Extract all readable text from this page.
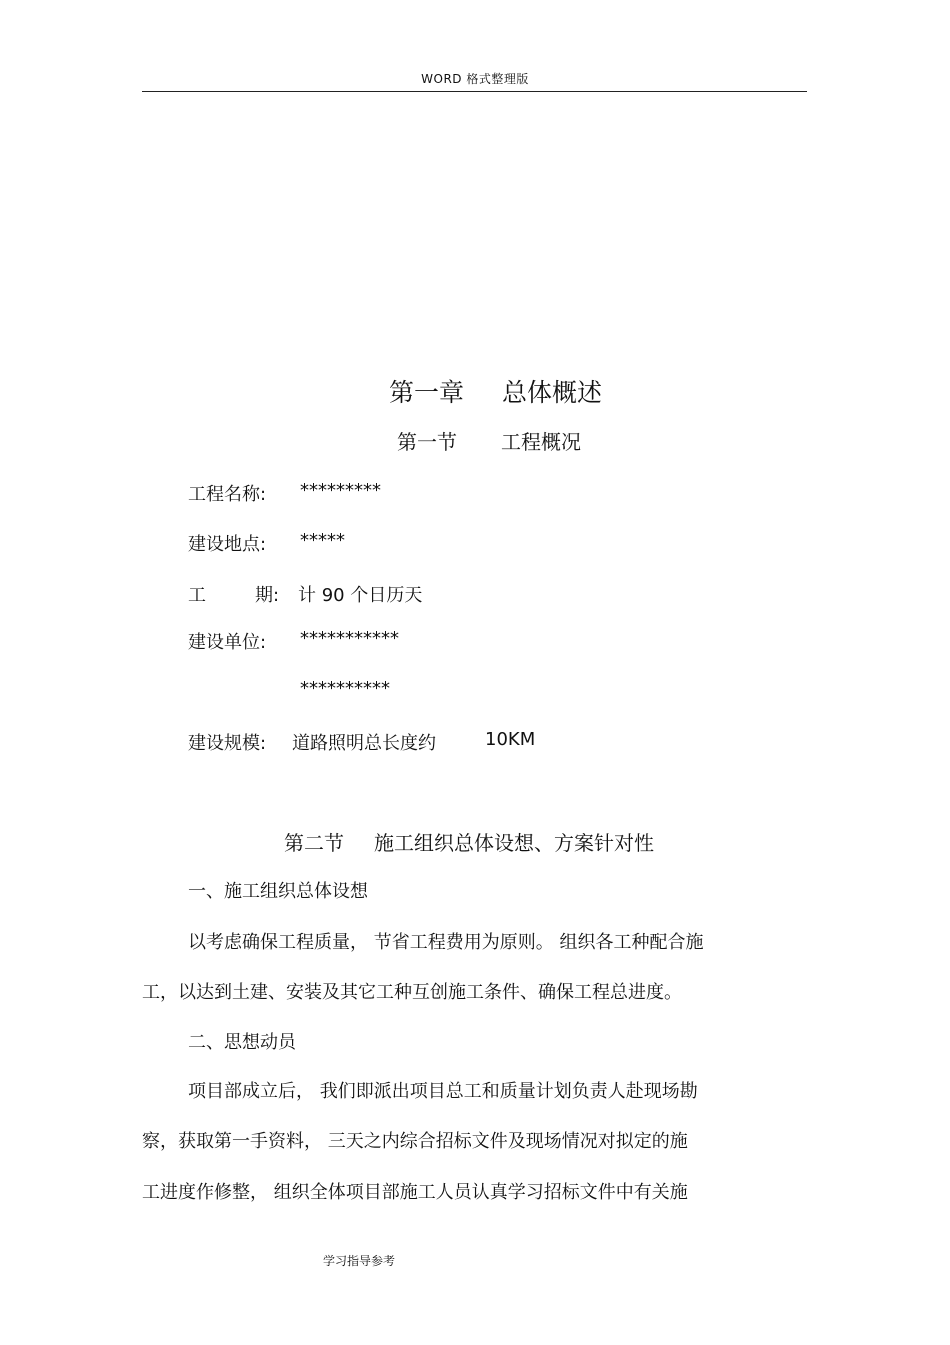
WORD 格式整理版
第一章 总体概述
第一节 工程概况
工程名称: *********
建设地点: *****
工	期: 计 90 个日历天
建设单位: ***********
**********
建设规模: 道路照明总长度约	10KM
第二节 施工组织总体设想、方案针对性
一、施工组织总体设想
以考虑确保工程质量， 节省工程费用为原则。 组织各工种配合施
工，以达到土建、安装及其它工种互创施工条件、确保工程总进度。
二、思想动员
项目部成立后， 我们即派出项目总工和质量计划负责人赴现场勘
察，获取第一手资料， 三天之内综合招标文件及现场情况对拟定的施
工进度作修整， 组织全体项目部施工人员认真学习招标文件中有关施
学习指导参考
